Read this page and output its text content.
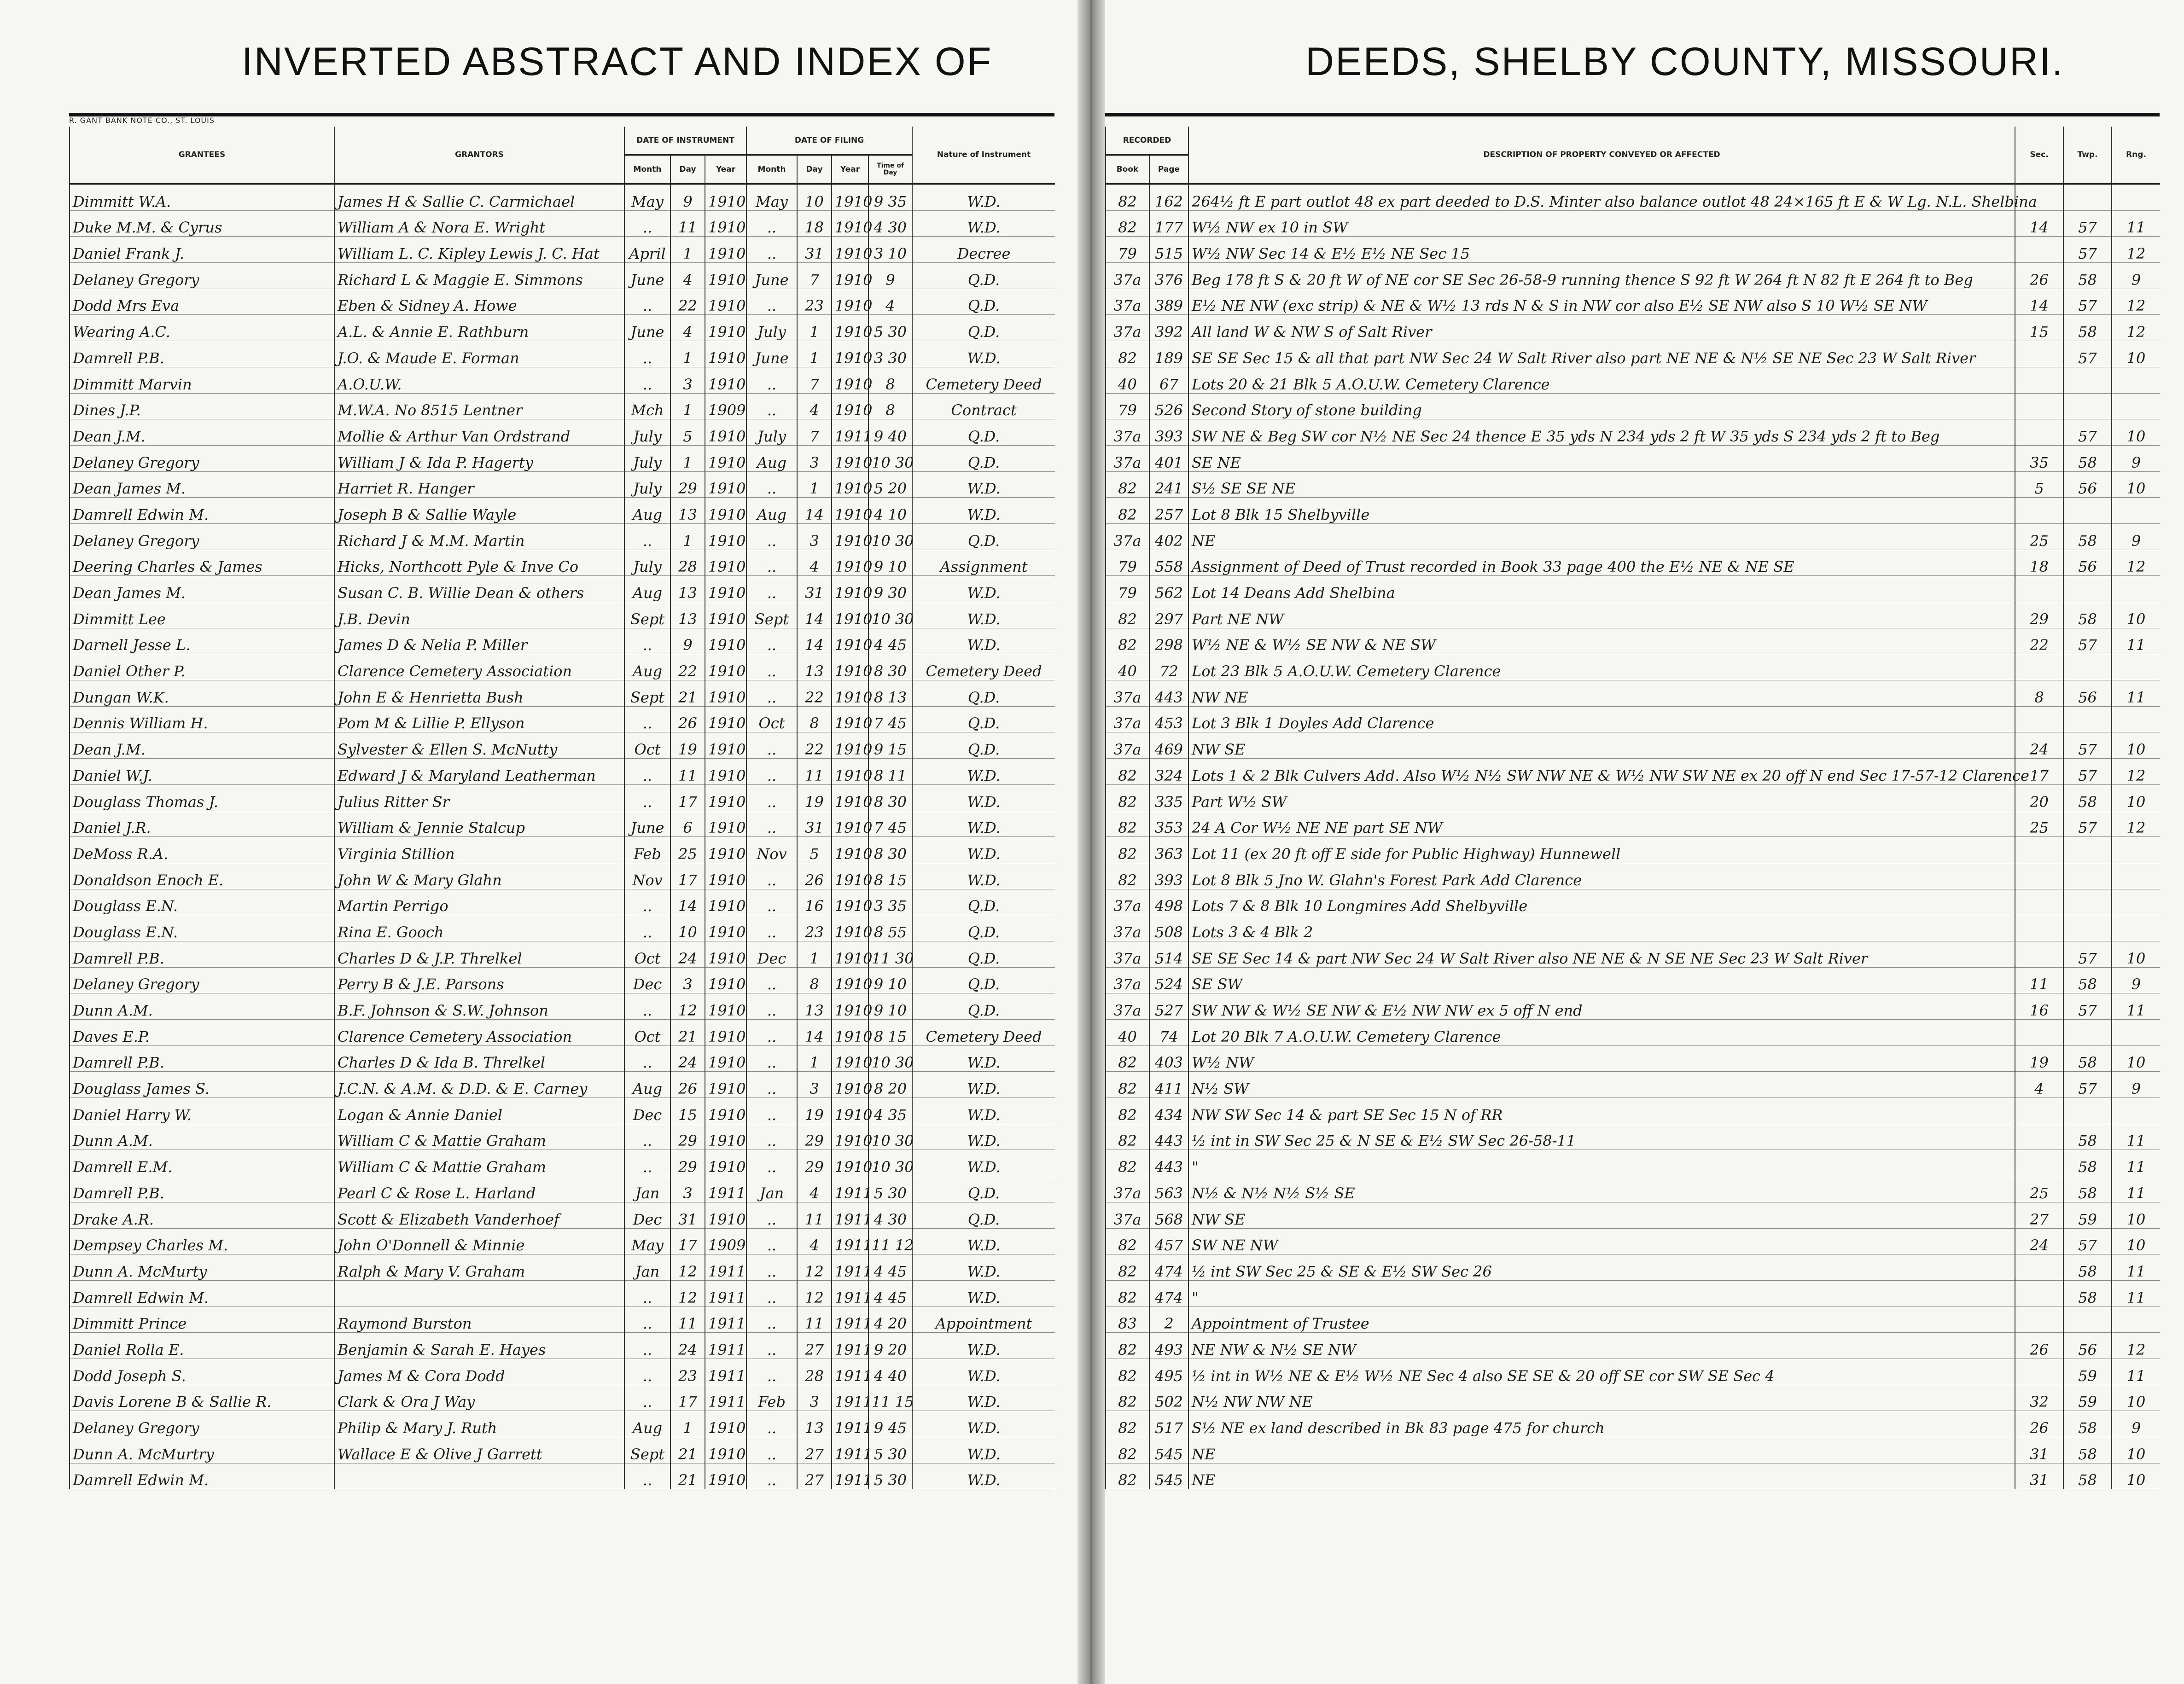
INVERTED ABSTRACT AND INDEX OF
R. GANT BANK NOTE CO., ST. LOUIS
GRANTEES	GRANTORS	DATE OF INSTRUMENT			DATE OF FILING				Nature of Instrument
		Month	Day	Year	Month	Day	Year	Time of Day	
Dimmitt W.A.	James H & Sallie C. Carmichael	May	9	1910	May	10	1910	9 35	W.D.
Duke M.M. & Cyrus	William A & Nora E. Wright	..	11	1910	..	18	1910	4 30	W.D.
Daniel Frank J.	William L. C. Kipley Lewis J. C. Hat	April	1	1910	..	31	1910	3 10	Decree
Delaney Gregory	Richard L & Maggie E. Simmons	June	4	1910	June	7	1910	9	Q.D.
Dodd Mrs Eva	Eben & Sidney A. Howe	..	22	1910	..	23	1910	4	Q.D.
Wearing A.C.	A.L. & Annie E. Rathburn	June	4	1910	July	1	1910	5 30	Q.D.
Damrell P.B.	J.O. & Maude E. Forman	..	1	1910	June	1	1910	3 30	W.D.
Dimmitt Marvin	A.O.U.W.	..	3	1910	..	7	1910	8	Cemetery Deed
Dines J.P.	M.W.A. No 8515 Lentner	Mch	1	1909	..	4	1910	8	Contract
Dean J.M.	Mollie & Arthur Van Ordstrand	July	5	1910	July	7	1911	9 40	Q.D.
Delaney Gregory	William J & Ida P. Hagerty	July	1	1910	Aug	3	1910	10 30	Q.D.
Dean James M.	Harriet R. Hanger	July	29	1910	..	1	1910	5 20	W.D.
Damrell Edwin M.	Joseph B & Sallie Wayle	Aug	13	1910	Aug	14	1910	4 10	W.D.
Delaney Gregory	Richard J & M.M. Martin	..	1	1910	..	3	1910	10 30	Q.D.
Deering Charles & James	Hicks, Northcott Pyle & Inve Co	July	28	1910	..	4	1910	9 10	Assignment
Dean James M.	Susan C. B. Willie Dean & others	Aug	13	1910	..	31	1910	9 30	W.D.
Dimmitt Lee	J.B. Devin	Sept	13	1910	Sept	14	1910	10 30	W.D.
Darnell Jesse L.	James D & Nelia P. Miller	..	9	1910	..	14	1910	4 45	W.D.
Daniel Other P.	Clarence Cemetery Association	Aug	22	1910	..	13	1910	8 30	Cemetery Deed
Dungan W.K.	John E & Henrietta Bush	Sept	21	1910	..	22	1910	8 13	Q.D.
Dennis William H.	Pom M & Lillie P. Ellyson	..	26	1910	Oct	8	1910	7 45	Q.D.
Dean J.M.	Sylvester & Ellen S. McNutty	Oct	19	1910	..	22	1910	9 15	Q.D.
Daniel W.J.	Edward J & Maryland Leatherman	..	11	1910	..	11	1910	8 11	W.D.
Douglass Thomas J.	Julius Ritter Sr	..	17	1910	..	19	1910	8 30	W.D.
Daniel J.R.	William & Jennie Stalcup	June	6	1910	..	31	1910	7 45	W.D.
DeMoss R.A.	Virginia Stillion	Feb	25	1910	Nov	5	1910	8 30	W.D.
Donaldson Enoch E.	John W & Mary Glahn	Nov	17	1910	..	26	1910	8 15	W.D.
Douglass E.N.	Martin Perrigo	..	14	1910	..	16	1910	3 35	Q.D.
Douglass E.N.	Rina E. Gooch	..	10	1910	..	23	1910	8 55	Q.D.
Damrell P.B.	Charles D & J.P. Threlkel	Oct	24	1910	Dec	1	1910	11 30	Q.D.
Delaney Gregory	Perry B & J.E. Parsons	Dec	3	1910	..	8	1910	9 10	Q.D.
Dunn A.M.	B.F. Johnson & S.W. Johnson	..	12	1910	..	13	1910	9 10	Q.D.
Daves E.P.	Clarence Cemetery Association	Oct	21	1910	..	14	1910	8 15	Cemetery Deed
Damrell P.B.	Charles D & Ida B. Threlkel	..	24	1910	..	1	1910	10 30	W.D.
Douglass James S.	J.C.N. & A.M. & D.D. & E. Carney	Aug	26	1910	..	3	1910	8 20	W.D.
Daniel Harry W.	Logan & Annie Daniel	Dec	15	1910	..	19	1910	4 35	W.D.
Dunn A.M.	William C & Mattie Graham	..	29	1910	..	29	1910	10 30	W.D.
Damrell E.M.	William C & Mattie Graham	..	29	1910	..	29	1910	10 30	W.D.
Damrell P.B.	Pearl C & Rose L. Harland	Jan	3	1911	Jan	4	1911	5 30	Q.D.
Drake A.R.	Scott & Elizabeth Vanderhoef	Dec	31	1910	..	11	1911	4 30	Q.D.
Dempsey Charles M.	John O'Donnell & Minnie	May	17	1909	..	4	1911	11 12	W.D.
Dunn A. McMurty	Ralph & Mary V. Graham	Jan	12	1911	..	12	1911	4 45	W.D.
Damrell Edwin M.		..	12	1911	..	12	1911	4 45	W.D.
Dimmitt Prince	Raymond Burston	..	11	1911	..	11	1911	4 20	Appointment
Daniel Rolla E.	Benjamin & Sarah E. Hayes	..	24	1911	..	27	1911	9 20	W.D.
Dodd Joseph S.	James M & Cora Dodd	..	23	1911	..	28	1911	4 40	W.D.
Davis Lorene B & Sallie R.	Clark & Ora J Way	..	17	1911	Feb	3	1911	11 15	W.D.
Delaney Gregory	Philip & Mary J. Ruth	Aug	1	1910	..	13	1911	9 45	W.D.
Dunn A. McMurtry	Wallace E & Olive J Garrett	Sept	21	1910	..	27	1911	5 30	W.D.
Damrell Edwin M.		..	21	1910	..	27	1911	5 30	W.D.
DEEDS, SHELBY COUNTY, MISSOURI.
RECORDED		DESCRIPTION OF PROPERTY CONVEYED OR AFFECTED	Sec.	Twp.	Rng.
Book	Page				
82	162	264½ ft E part outlot 48 ex part deeded to D.S. Minter also balance outlot 48 24×165 ft E & W Lg. N.L. Shelbina			
82	177	W½ NW ex 10 in SW	14	57	11
79	515	W½ NW Sec 14 & E½ E½ NE Sec 15		57	12
37a	376	Beg 178 ft S & 20 ft W of NE cor SE Sec 26-58-9 running thence S 92 ft W 264 ft N 82 ft E 264 ft to Beg	26	58	9
37a	389	E½ NE NW (exc strip) & NE & W½ 13 rds N & S in NW cor also E½ SE NW also S 10 W½ SE NW	14	57	12
37a	392	All land W & NW S of Salt River	15	58	12
82	189	SE SE Sec 15 & all that part NW Sec 24 W Salt River also part NE NE & N½ SE NE Sec 23 W Salt River		57	10
40	67	Lots 20 & 21 Blk 5 A.O.U.W. Cemetery Clarence			
79	526	Second Story of stone building			
37a	393	SW NE & Beg SW cor N½ NE Sec 24 thence E 35 yds N 234 yds 2 ft W 35 yds S 234 yds 2 ft to Beg		57	10
37a	401	SE NE	35	58	9
82	241	S½ SE SE NE	5	56	10
82	257	Lot 8 Blk 15 Shelbyville			
37a	402	NE	25	58	9
79	558	Assignment of Deed of Trust recorded in Book 33 page 400 the E½ NE & NE SE	18	56	12
79	562	Lot 14 Deans Add Shelbina			
82	297	Part NE NW	29	58	10
82	298	W½ NE & W½ SE NW & NE SW	22	57	11
40	72	Lot 23 Blk 5 A.O.U.W. Cemetery Clarence			
37a	443	NW NE	8	56	11
37a	453	Lot 3 Blk 1 Doyles Add Clarence			
37a	469	NW SE	24	57	10
82	324	Lots 1 & 2 Blk Culvers Add. Also W½ N½ SW NW NE & W½ NW SW NE ex 20 off N end Sec 17-57-12 Clarence	17	57	12
82	335	Part W½ SW	20	58	10
82	353	24 A Cor W½ NE NE part SE NW	25	57	12
82	363	Lot 11 (ex 20 ft off E side for Public Highway) Hunnewell			
82	393	Lot 8 Blk 5 Jno W. Glahn's Forest Park Add Clarence			
37a	498	Lots 7 & 8 Blk 10 Longmires Add Shelbyville			
37a	508	Lots 3 & 4 Blk 2			
37a	514	SE SE Sec 14 & part NW Sec 24 W Salt River also NE NE & N SE NE Sec 23 W Salt River		57	10
37a	524	SE SW	11	58	9
37a	527	SW NW & W½ SE NW & E½ NW NW ex 5 off N end	16	57	11
40	74	Lot 20 Blk 7 A.O.U.W. Cemetery Clarence			
82	403	W½ NW	19	58	10
82	411	N½ SW	4	57	9
82	434	NW SW Sec 14 & part SE Sec 15 N of RR			
82	443	½ int in SW Sec 25 & N SE & E½ SW Sec 26-58-11		58	11
82	443	"		58	11
37a	563	N½ & N½ N½ S½ SE	25	58	11
37a	568	NW SE	27	59	10
82	457	SW NE NW	24	57	10
82	474	½ int SW Sec 25 & SE & E½ SW Sec 26		58	11
82	474	"		58	11
83	2	Appointment of Trustee			
82	493	NE NW & N½ SE NW	26	56	12
82	495	½ int in W½ NE & E½ W½ NE Sec 4 also SE SE & 20 off SE cor SW SE Sec 4		59	11
82	502	N½ NW NW NE	32	59	10
82	517	S½ NE ex land described in Bk 83 page 475 for church	26	58	9
82	545	NE	31	58	10
82	545	NE	31	58	10
